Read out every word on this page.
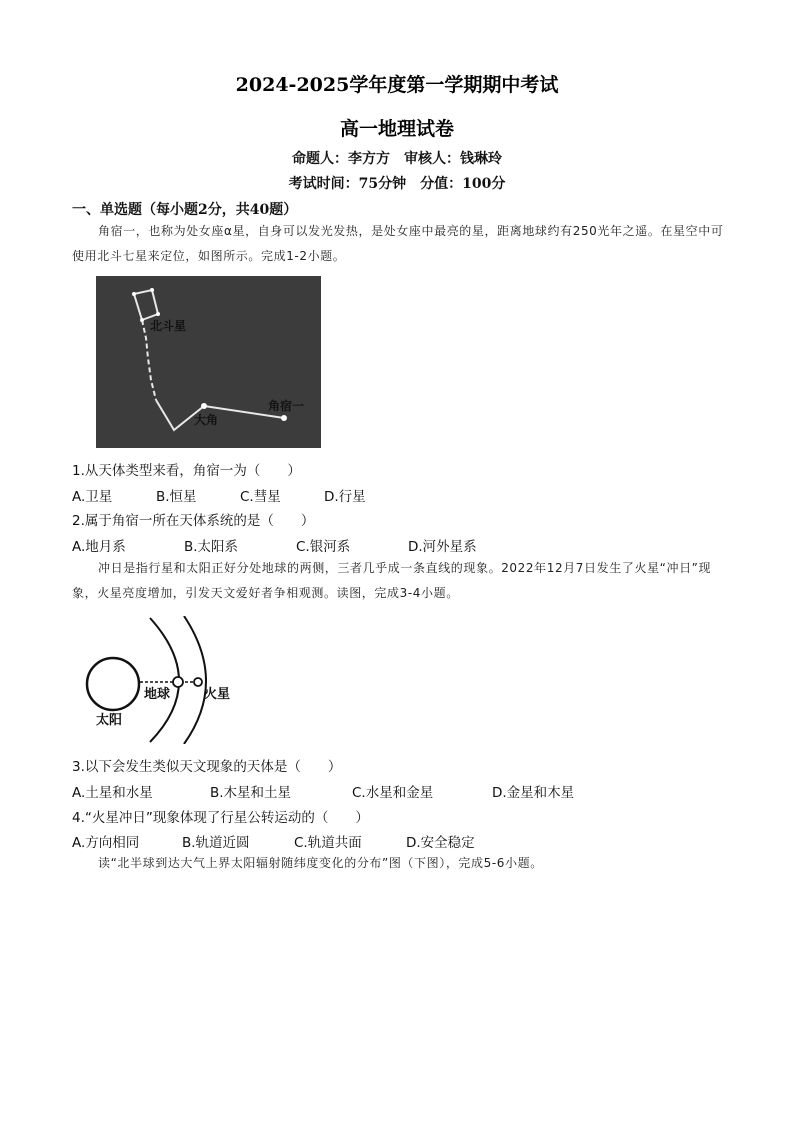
2024-2025学年度第一学期期中考试
高一地理试卷
命题人：李方方 审核人：钱琳玲
考试时间：75分钟 分值：100分
一、单选题（每小题2分，共40题）
角宿一，也称为处女座α星，自身可以发光发热，是处女座中最亮的星，距离地球约有250光年之遥。在星空中可使用北斗七星来定位，如图所示。完成1-2小题。
北斗星
大角
角宿一
1.从天体类型来看，角宿一为（　　）
A.卫星	B.恒星	C.彗星	D.行星
2.属于角宿一所在天体系统的是（　　）
A.地月系	B.太阳系	C.银河系	D.河外星系
冲日是指行星和太阳正好分处地球的两侧，三者几乎成一条直线的现象。2022年12月7日发生了火星“冲日”现象，火星亮度增加，引发天文爱好者争相观测。读图，完成3-4小题。
地球	火星
太阳
3.以下会发生类似天文现象的天体是（　　）
A.土星和水星	B.木星和土星	C.水星和金星	D.金星和木星
4.“火星冲日”现象体现了行星公转运动的（　　）
A.方向相同	B.轨道近圆	C.轨道共面	D.安全稳定
读“北半球到达大气上界太阳辐射随纬度变化的分布”图（下图），完成5-6小题。
